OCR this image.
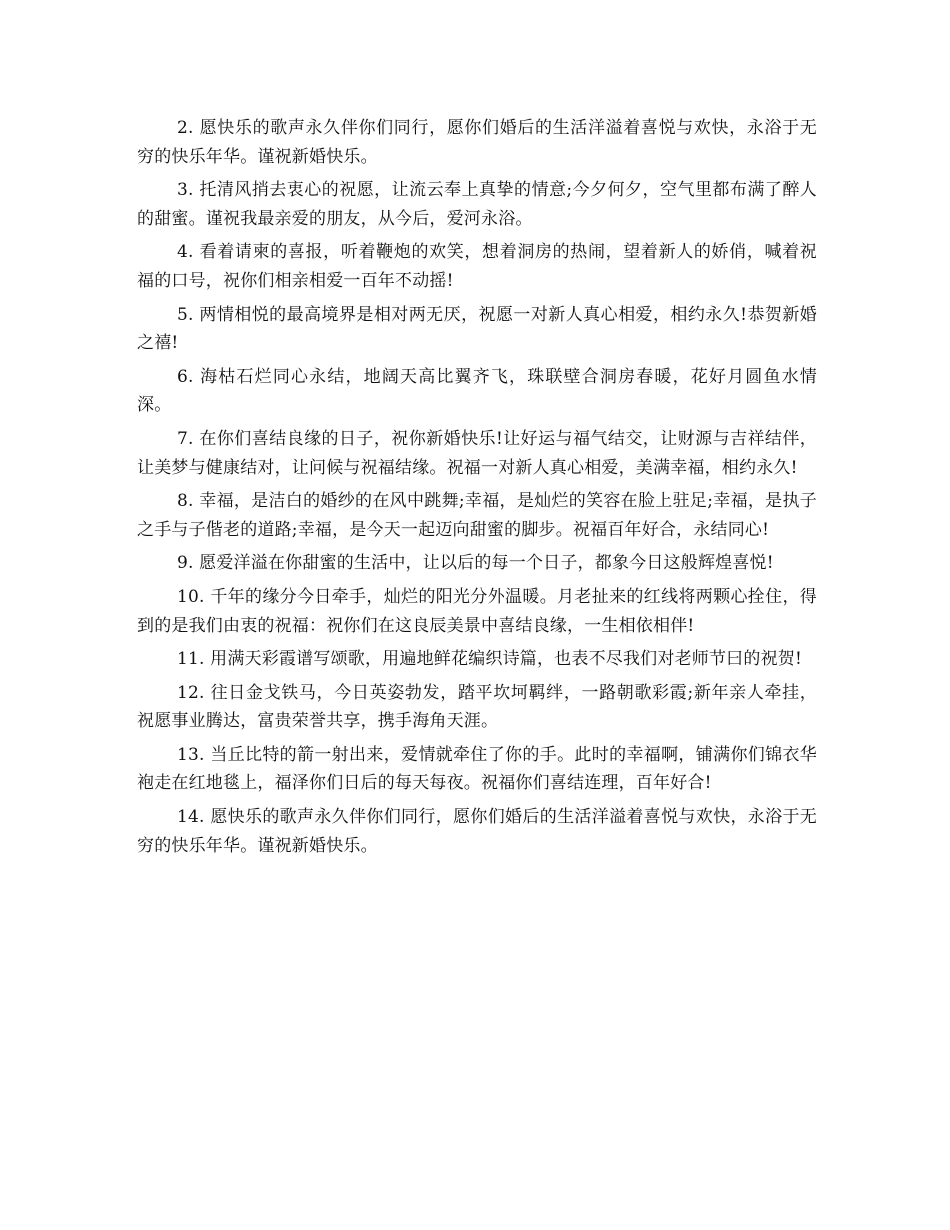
2. 愿快乐的歌声永久伴你们同行，愿你们婚后的生活洋溢着喜悦与欢快，永浴于无穷的快乐年华。谨祝新婚快乐。

3. 托清风捎去衷心的祝愿，让流云奉上真挚的情意;今夕何夕，空气里都布满了醉人的甜蜜。谨祝我最亲爱的朋友，从今后，爱河永浴。

4. 看着请柬的喜报，听着鞭炮的欢笑，想着洞房的热闹，望着新人的娇俏，喊着祝福的口号，祝你们相亲相爱一百年不动摇!

5. 两情相悦的最高境界是相对两无厌，祝愿一对新人真心相爱，相约永久!恭贺新婚之禧!

6. 海枯石烂同心永结，地阔天高比翼齐飞，珠联壁合洞房春暖，花好月圆鱼水情深。

7. 在你们喜结良缘的日子，祝你新婚快乐!让好运与福气结交，让财源与吉祥结伴，让美梦与健康结对，让问候与祝福结缘。祝福一对新人真心相爱，美满幸福，相约永久!

8. 幸福，是洁白的婚纱的在风中跳舞;幸福，是灿烂的笑容在脸上驻足;幸福，是执子之手与子偕老的道路;幸福，是今天一起迈向甜蜜的脚步。祝福百年好合，永结同心!

9. 愿爱洋溢在你甜蜜的生活中，让以后的每一个日子，都象今日这般辉煌喜悦!

10. 千年的缘分今日牵手，灿烂的阳光分外温暖。月老扯来的红线将两颗心拴住，得到的是我们由衷的祝福：祝你们在这良辰美景中喜结良缘，一生相依相伴!

11. 用满天彩霞谱写颂歌，用遍地鲜花编织诗篇，也表不尽我们对老师节曰的祝贺!

12. 往日金戈铁马，今日英姿勃发，踏平坎坷羁绊，一路朝歌彩霞;新年亲人牵挂，祝愿事业腾达，富贵荣誉共享，携手海角天涯。

13. 当丘比特的箭一射出来，爱情就牵住了你的手。此时的幸福啊，铺满你们锦衣华袍走在红地毯上，福泽你们日后的每天每夜。祝福你们喜结连理，百年好合!

14. 愿快乐的歌声永久伴你们同行，愿你们婚后的生活洋溢着喜悦与欢快，永浴于无穷的快乐年华。谨祝新婚快乐。
